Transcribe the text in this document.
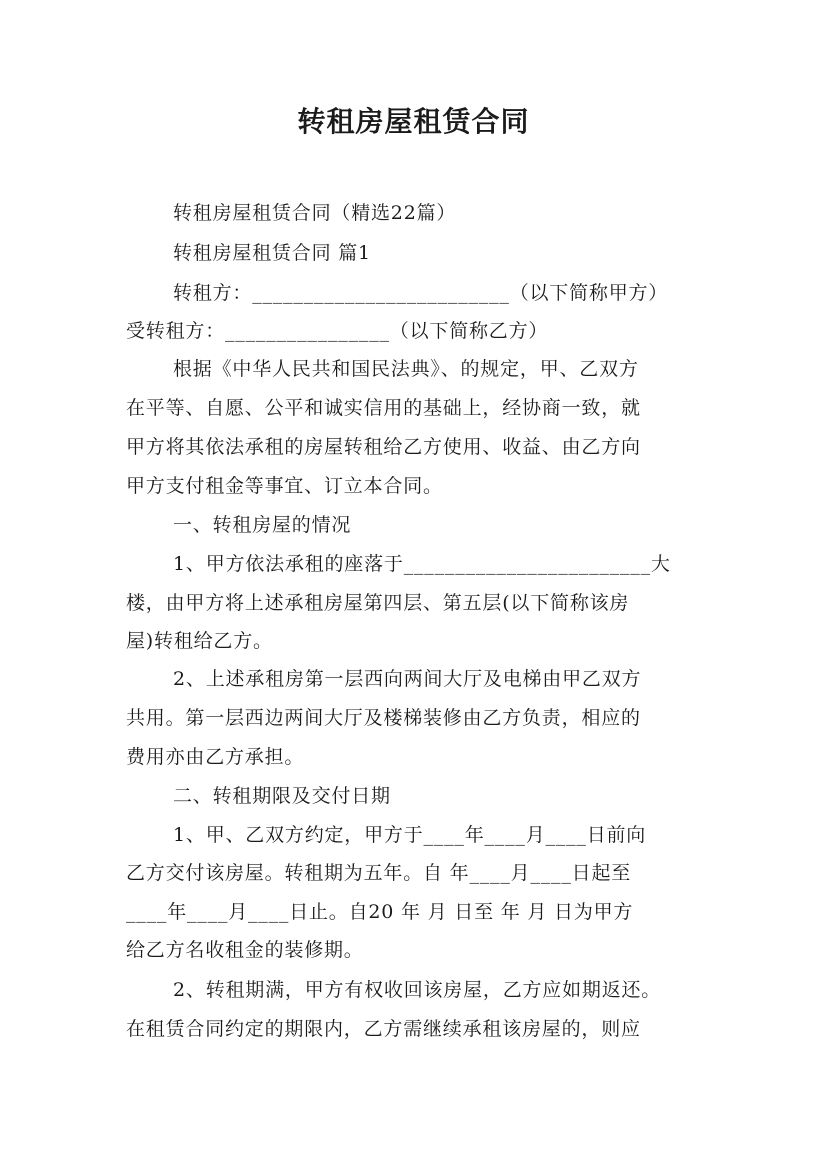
转租房屋租赁合同
转租房屋租赁合同（精选22篇）
转租房屋租赁合同 篇1
转租方：_________________________（以下简称甲方）
受转租方：________________（以下简称乙方）
根据《中华人民共和国民法典》、的规定，甲、乙双方
在平等、自愿、公平和诚实信用的基础上，经协商一致，就
甲方将其依法承租的房屋转租给乙方使用、收益、由乙方向
甲方支付租金等事宜、订立本合同。
一、转租房屋的情况
1、甲方依法承租的座落于________________________大
楼，由甲方将上述承租房屋第四层、第五层(以下简称该房
屋)转租给乙方。
2、上述承租房第一层西向两间大厅及电梯由甲乙双方
共用。第一层西边两间大厅及楼梯装修由乙方负责，相应的
费用亦由乙方承担。
二、转租期限及交付日期
1、甲、乙双方约定，甲方于____年____月____日前向
乙方交付该房屋。转租期为五年。自 年____月____日起至
____年____月____日止。自20 年 月 日至 年 月 日为甲方
给乙方名收租金的装修期。
2、转租期满，甲方有权收回该房屋，乙方应如期返还。
在租赁合同约定的期限内，乙方需继续承租该房屋的，则应
